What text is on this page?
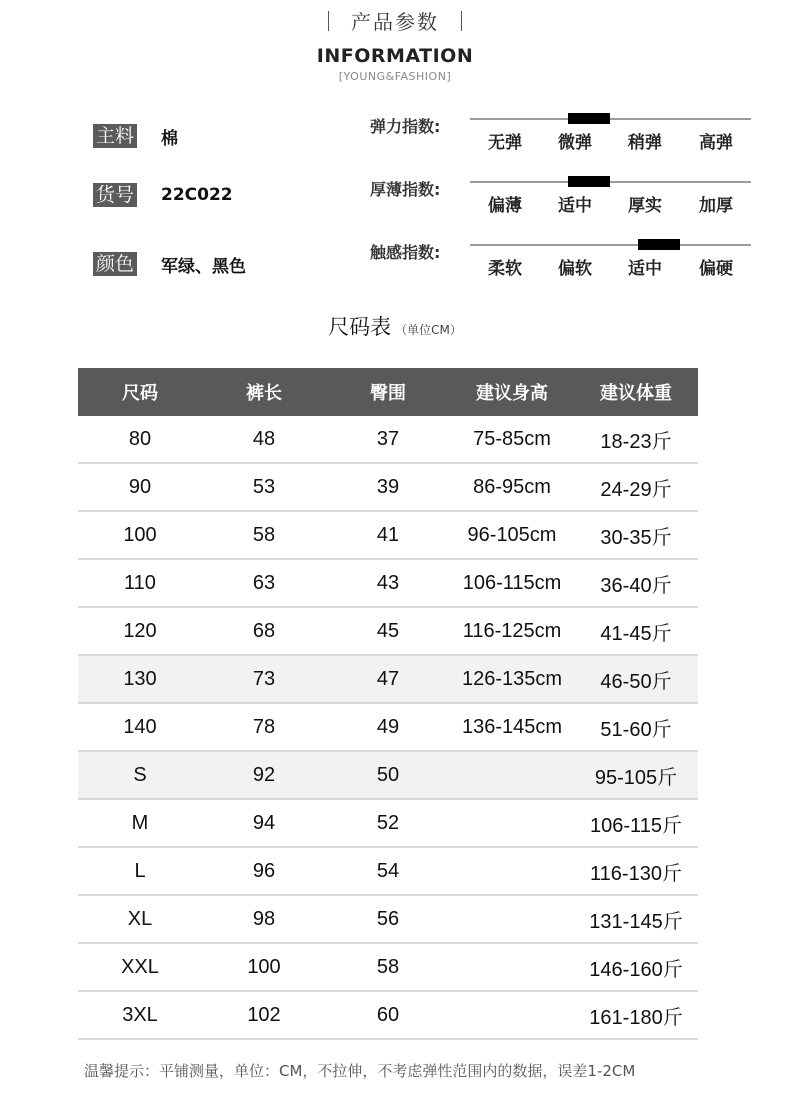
产品参数
INFORMATION
[YOUNG&FASHION]
主料 棉
货号 22C022
颜色 军绿、黑色
弹力指数:
无弹	微弹	稍弹	高弹
厚薄指数:
偏薄	适中	厚实	加厚
触感指数:
柔软	偏软	适中	偏硬
尺码表 （单位CM）
尺码	裤长	臀围	建议身高	建议体重
80	48	37	75-85cm	18-23斤
90	53	39	86-95cm	24-29斤
100	58	41	96-105cm	30-35斤
110	63	43	106-115cm	36-40斤
120	68	45	116-125cm	41-45斤
130	73	47	126-135cm	46-50斤
140	78	49	136-145cm	51-60斤
S	92	50		95-105斤
M	94	52		106-115斤
L	96	54		116-130斤
XL	98	56		131-145斤
XXL	100	58		146-160斤
3XL	102	60		161-180斤
温馨提示：平铺测量，单位：CM，不拉伸，不考虑弹性范围内的数据，误差1-2CM
